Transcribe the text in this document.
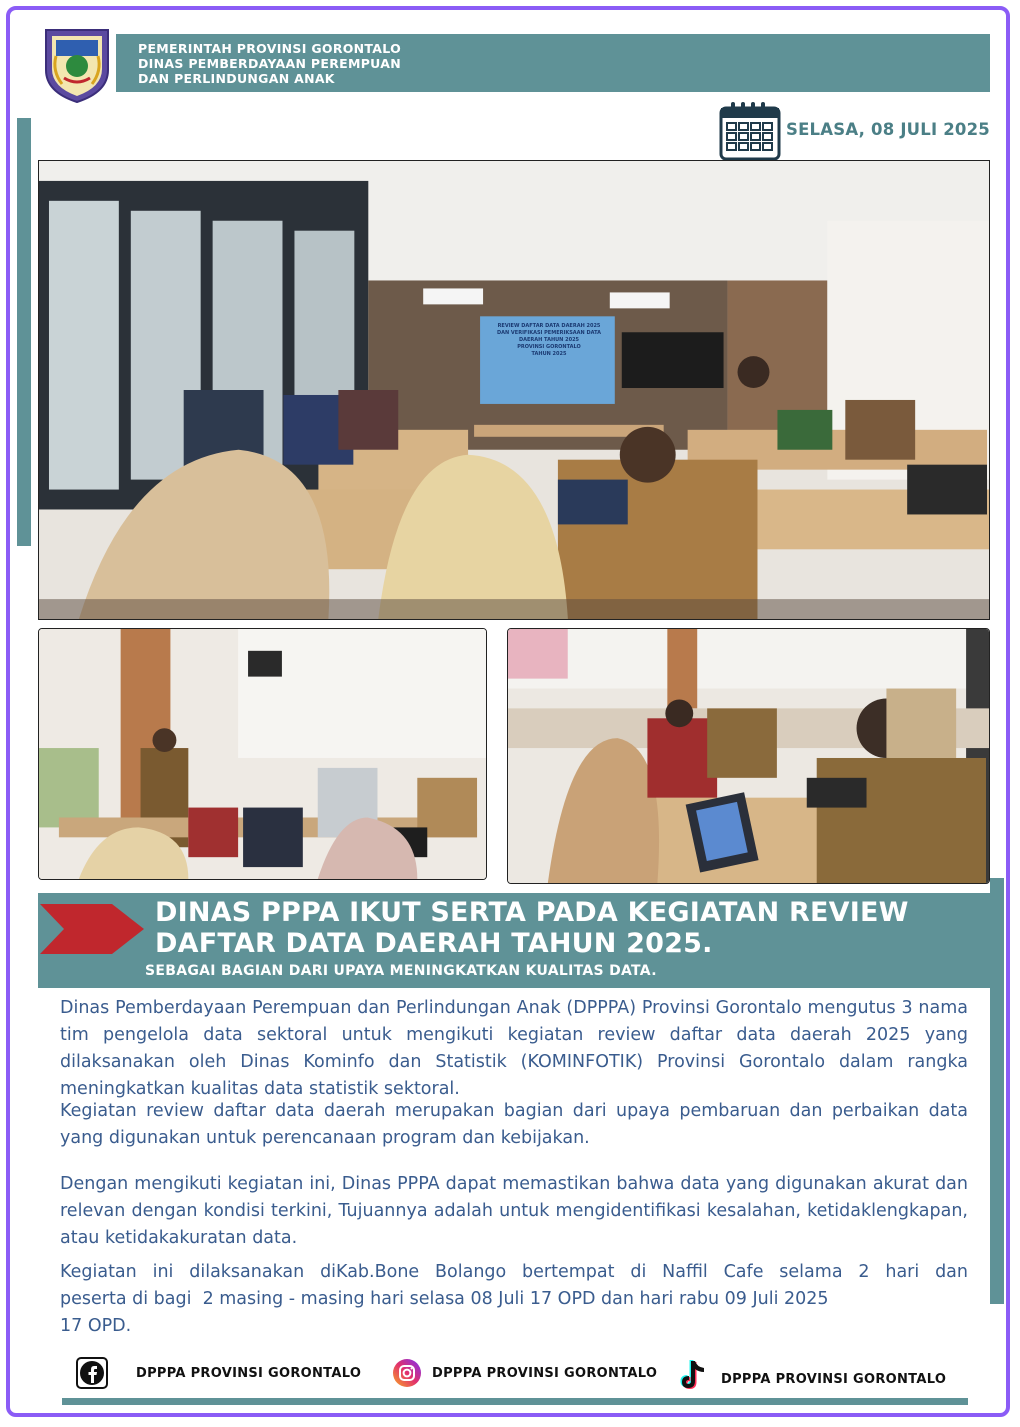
PEMERINTAH PROVINSI GORONTALO
DINAS PEMBERDAYAAN PEREMPUAN
DAN PERLINDUNGAN ANAK
SELASA, 08 JULI 2025
REVIEW DAFTAR DATA DAERAH 2025
DAN VERIFIKASI PEMERIKSAAN DATA DAERAH TAHUN 2025
PROVINSI GORONTALO
TAHUN 2025
DINAS PPPA IKUT SERTA PADA KEGIATAN REVIEW
DAFTAR DATA DAERAH TAHUN 2025.
SEBAGAI BAGIAN DARI UPAYA MENINGKATKAN KUALITAS DATA.

Dinas Pemberdayaan Perempuan dan Perlindungan Anak (DPPPA) Provinsi Gorontalo mengutus 3 nama tim pengelola data sektoral untuk mengikuti kegiatan review daftar data daerah 2025 yang dilaksanakan oleh Dinas Kominfo dan Statistik (KOMINFOTIK) Provinsi Gorontalo dalam rangka meningkatkan kualitas data statistik sektoral.

Kegiatan review daftar data daerah merupakan bagian dari upaya pembaruan dan perbaikan data yang digunakan untuk perencanaan program dan kebijakan.

Dengan mengikuti kegiatan ini, Dinas PPPA dapat memastikan bahwa data yang digunakan akurat dan relevan dengan kondisi terkini, Tujuannya adalah untuk mengidentifikasi kesalahan, ketidaklengkapan, atau ketidakakuratan data.

Kegiatan ini dilaksanakan diKab.Bone Bolango bertempat di Naffil Cafe selama 2 hari dan
peserta di bagi  2 masing - masing hari selasa 08 Juli 17 OPD dan hari rabu 09 Juli 2025
17 OPD.
DPPPA PROVINSI GORONTALO	DPPPA PROVINSI GORONTALO	DPPPA PROVINSI GORONTALO
